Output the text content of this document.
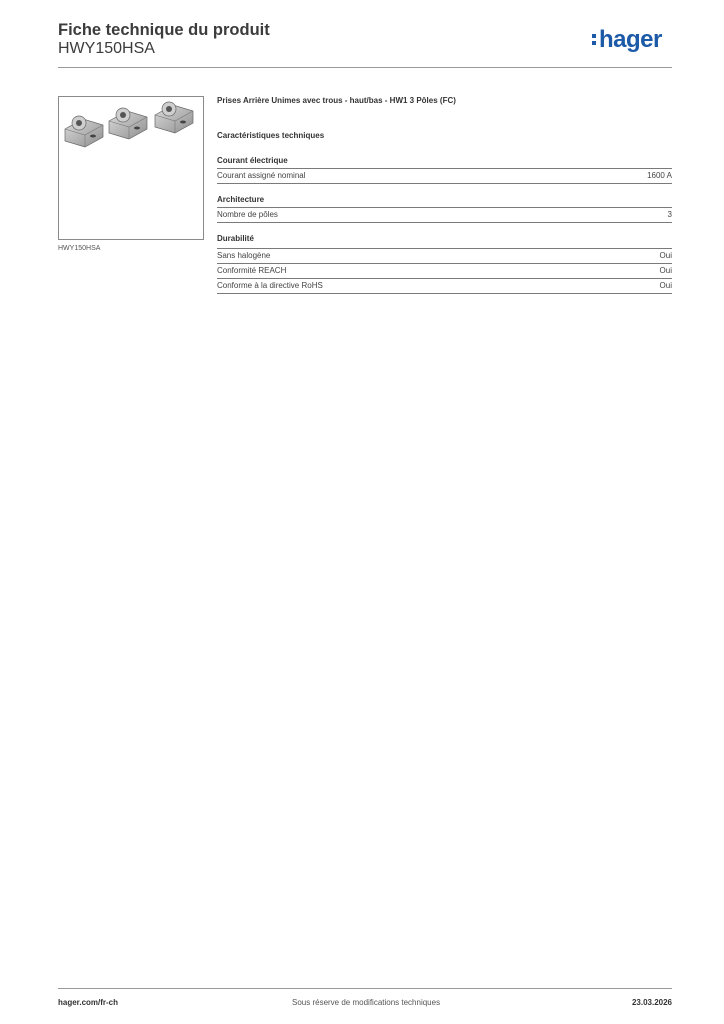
Fiche technique du produit
HWY150HSA	hager
HWY150HSA
Prises Arrière Unimes avec trous - haut/bas - HW1 3 Pôles (FC)
Caractéristiques techniques
Courant électrique
Courant assigné nominal	1600 A
Architecture
Nombre de pôles	3
Durabilité
Sans halogène	Oui
Conformité REACH	Oui
Conforme à la directive RoHS	Oui
hager.com/fr-ch	Sous réserve de modifications techniques	23.03.2026
